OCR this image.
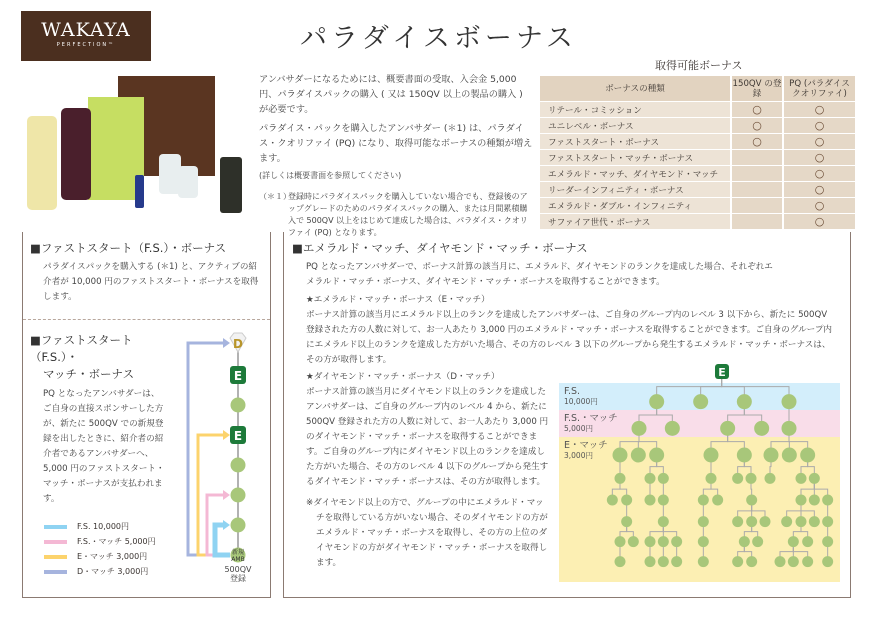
WAKAYA
PERFECTION™	パラダイスボーナス
アンバサダーになるためには、概要書面の受取、入会金 5,000 円、パラダイスパックの購入 ( 又は 150QV 以上の製品の購入 ) が必要です。
パラダイス・パックを購入したアンバサダー (＊1) は、パラダイス・クオリファイ (PQ) になり、取得可能なボーナスの種類が増えます。
(詳しくは概要書面を参照してください)
（＊１）
登録時にパラダイスパックを購入していない場合でも、登録後のアップグレードのためのパラダイスパックの購入、または月間累積購入で 500QV 以上をはじめて達成した場合は、パラダイス・クオリファイ (PQ) となります。
取得可能ボーナス
ボーナスの種類	150QV の登録	PQ (パラダイス クオリファイ)
リテール・コミッション	○	○
ユニレベル・ボーナス	○	○
ファストスタート・ボーナス	○	○
ファストスタート・マッチ・ボーナス		○
エメラルド・マッチ、ダイヤモンド・マッチ		○
リーダーインフィニティ・ボーナス		○
エメラルド・ダブル・インフィニティ		○
サファイア世代・ボーナス		○
■ファストスタート（F.S.）・ボーナス
パラダイスパックを購入する (＊1) と、アクティブの紹介者が 10,000 円のファストスタート・ボーナスを取得します。
■ファストスタート（F.S.）・
マッチ・ボーナス
PQ となったアンバサダーは、ご自身の直接スポンサーした方が、新たに 500QV での新規登録を出したときに、紹介者の紹介者であるアンバサダーへ、5,000 円のファストスタート・マッチ・ボーナスが支払われます。
F.S. 10,000円
F.S.・マッチ 5,000円
E・マッチ 3,000円
D・マッチ 3,000円
D
E
E
新規 AMB
500QV 登録
■エメラルド・マッチ、ダイヤモンド・マッチ・ボーナス
PQ となったアンバサダーで、ボーナス計算の該当月に、エメラルド、ダイヤモンドのランクを達成した場合、それぞれエメラルド・マッチ・ボーナス、ダイヤモンド・マッチ・ボーナスを取得することができます。
★エメラルド・マッチ・ボーナス（E・マッチ）
ボーナス計算の該当月にエメラルド以上のランクを達成したアンバサダーは、ご自身のグループ内のレベル 3 以下から、新たに 500QV 登録された方の人数に対して、お一人あたり 3,000 円のエメラルド・マッチ・ボーナスを取得することができます。ご自身のグループ内にエメラルド以上のランクを達成した方がいた場合、その方のレベル 3 以下のグループから発生するエメラルド・マッチ・ボーナスは、その方が取得します。
★ダイヤモンド・マッチ・ボーナス（D・マッチ）
ボーナス計算の該当月にダイヤモンド以上のランクを達成したアンバサダーは、ご自身のグループ内のレベル 4 から、新たに 500QV 登録された方の人数に対して、お一人あたり 3,000 円のダイヤモンド・マッチ・ボーナスを取得することができます。ご自身のグループ内にダイヤモンド以上のランクを達成した方がいた場合、その方のレベル 4 以下のグループから発生するダイヤモンド・マッチ・ボーナスは、その方が取得します。
※ダイヤモンド以上の方で、グループの中にエメラルド・マッチを取得している方がいない場合、そのダイヤモンドの方がエメラルド・マッチ・ボーナスを取得し、その方の上位のダイヤモンドの方がダイヤモンド・マッチ・ボーナスを取得します。
E
F.S.
10,000円
F.S.・マッチ
5,000円
E・マッチ
3,000円
